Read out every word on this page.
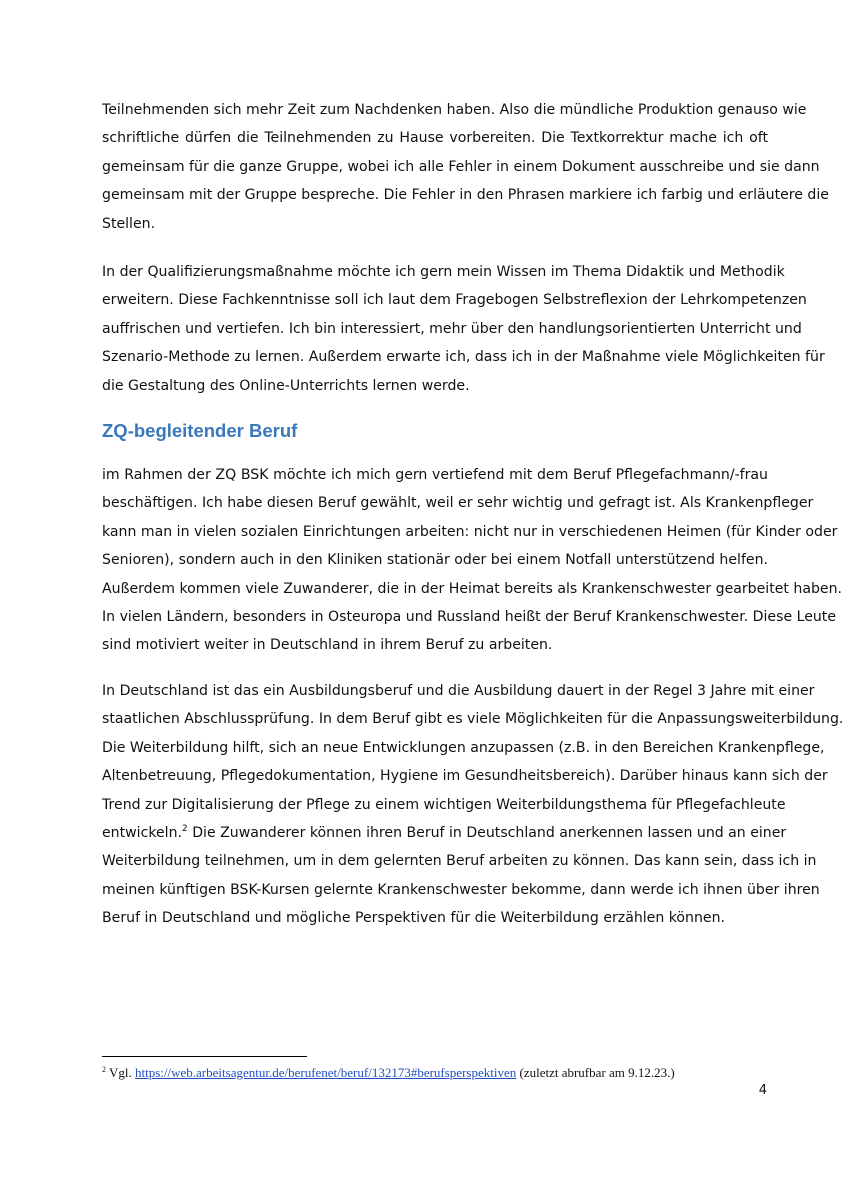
Teilnehmenden sich mehr Zeit zum Nachdenken haben. Also die mündliche Produktion genauso wie
schriftliche dürfen die Teilnehmenden zu Hause vorbereiten. Die Textkorrektur mache ich oft
gemeinsam für die ganze Gruppe, wobei ich alle Fehler in einem Dokument ausschreibe und sie dann
gemeinsam mit der Gruppe bespreche. Die Fehler in den Phrasen markiere ich farbig und erläutere die
Stellen.

In der Qualifizierungsmaßnahme möchte ich gern mein Wissen im Thema Didaktik und Methodik
erweitern. Diese Fachkenntnisse soll ich laut dem Fragebogen Selbstreflexion der Lehrkompetenzen
auffrischen und vertiefen. Ich bin interessiert, mehr über den handlungsorientierten Unterricht und
Szenario-Methode zu lernen. Außerdem erwarte ich, dass ich in der Maßnahme viele Möglichkeiten für
die Gestaltung des Online-Unterrichts lernen werde.

ZQ-begleitender Beruf

im Rahmen der ZQ BSK möchte ich mich gern vertiefend mit dem Beruf Pflegefachmann/-frau
beschäftigen. Ich habe diesen Beruf gewählt, weil er sehr wichtig und gefragt ist. Als Krankenpfleger
kann man in vielen sozialen Einrichtungen arbeiten: nicht nur in verschiedenen Heimen (für Kinder oder
Senioren), sondern auch in den Kliniken stationär oder bei einem Notfall unterstützend helfen.
Außerdem kommen viele Zuwanderer, die in der Heimat bereits als Krankenschwester gearbeitet haben.
In vielen Ländern, besonders in Osteuropa und Russland heißt der Beruf Krankenschwester. Diese Leute
sind motiviert weiter in Deutschland in ihrem Beruf zu arbeiten.

In Deutschland ist das ein Ausbildungsberuf und die Ausbildung dauert in der Regel 3 Jahre mit einer
staatlichen Abschlussprüfung. In dem Beruf gibt es viele Möglichkeiten für die Anpassungsweiterbildung.
Die Weiterbildung hilft, sich an neue Entwicklungen anzupassen (z.B. in den Bereichen Krankenpflege,
Altenbetreuung, Pflegedokumentation, Hygiene im Gesundheitsbereich). Darüber hinaus kann sich der
Trend zur Digitalisierung der Pflege zu einem wichtigen Weiterbildungsthema für Pflegefachleute
entwickeln.$^2$ Die Zuwanderer können ihren Beruf in Deutschland anerkennen lassen und an einer
Weiterbildung teilnehmen, um in dem gelernten Beruf arbeiten zu können. Das kann sein, dass ich in
meinen künftigen BSK-Kursen gelernte Krankenschwester bekomme, dann werde ich ihnen über ihren
Beruf in Deutschland und mögliche Perspektiven für die Weiterbildung erzählen können.

$^2$ Vgl. https://web.arbeitsagentur.de/berufenet/beruf/132173#berufsperspektiven (zuletzt abrufbar am 9.12.23.)

4
